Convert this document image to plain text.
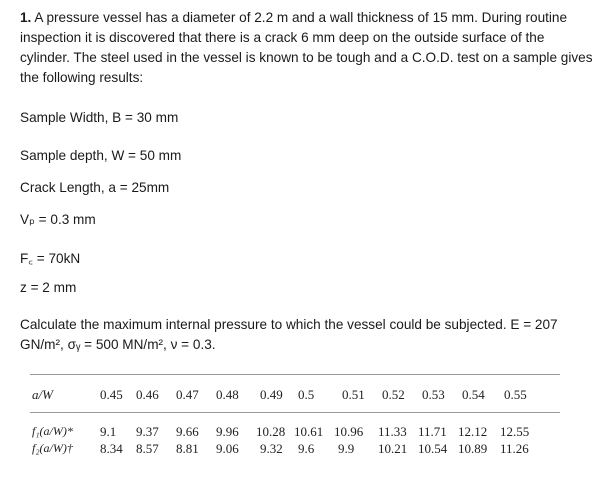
1. A pressure vessel has a diameter of 2.2 m and a wall thickness of 15 mm. During routine inspection it is discovered that there is a crack 6 mm deep on the outside surface of the cylinder. The steel used in the vessel is known to be tough and a C.O.D. test on a sample gives the following results:
Sample Width, B = 30 mm
Sample depth, W = 50 mm
Crack Length, a = 25mm
Vₚ = 0.3 mm
F꜀ = 70kN
z = 2 mm
Calculate the maximum internal pressure to which the vessel could be subjected. E = 207
GN/m², σᵧ = 500 MN/m², ν = 0.3.
a/W	0.45 0.46 0.47 0.48 0.49 0.5 0.51 0.52 0.53 0.54 0.55
f₁(a/W)* 9.1 9.37 9.66 9.96 10.28 10.61 10.96 11.33 11.71 12.12 12.55
f₂(a/W)† 8.34 8.57 8.81 9.06 9.32 9.6 9.9 10.21 10.54 10.89 11.26
